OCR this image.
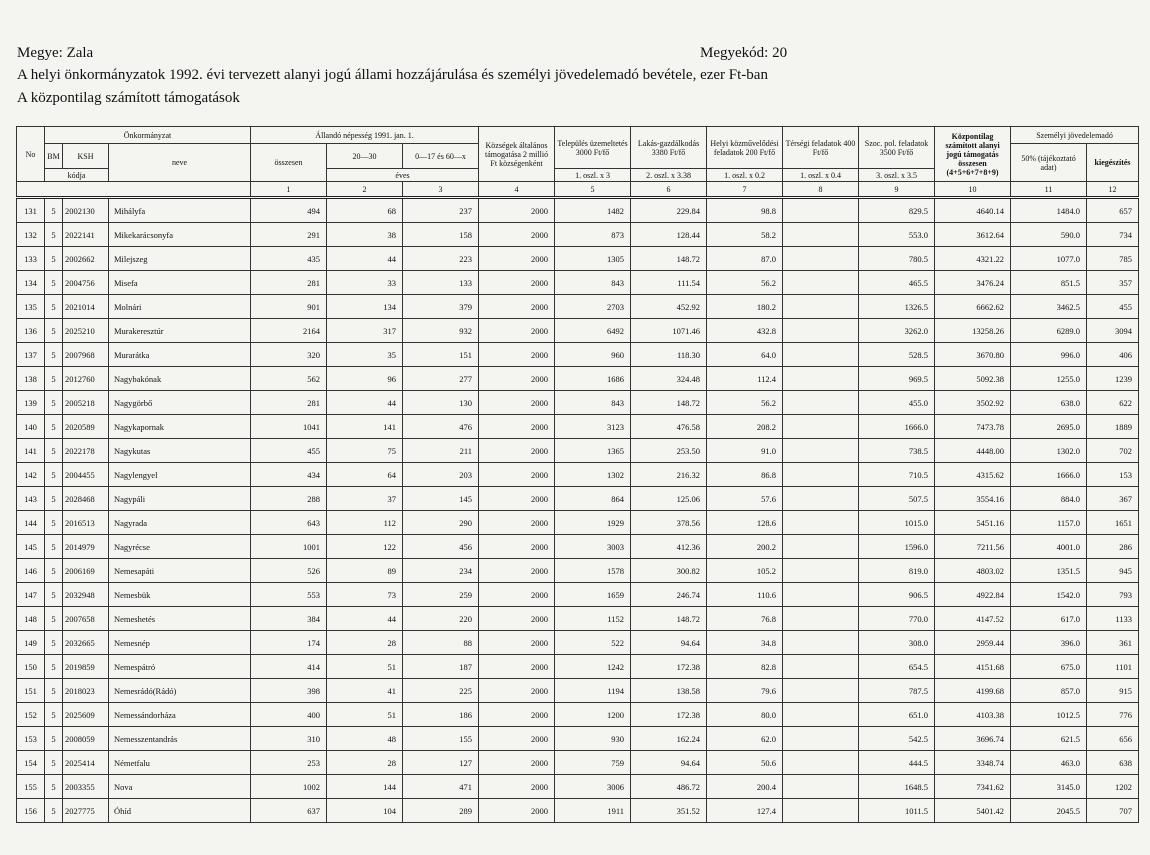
Megye: Zala	Megyekód: 20
A helyi önkormányzatok 1992. évi tervezett alanyi jogú állami hozzájárulása és személyi jövedelemadó bevétele, ezer Ft-ban
A központilag számított támogatások
No	Önkormányzat			Állandó népesség 1991. jan. 1.			Községek általános támogatása 2 millió Ft községenként	Település üzemeltetés 3000 Ft/fő	Lakás-gazdálkodás 3380 Ft/fő	Helyi közművelődési feladatok 200 Ft/fő	Térségi feladatok 400 Ft/fő	Szoc. pol. feladatok 3500 Ft/fő	Központilag számított alanyi jogú támogatás összesen (4+5+6+7+8+9)	Személyi jövedelemadó	
	BM	KSH	neve	összesen	20—30	0—17 és 60—x								50% (tájékoztató adat)	kiegészítés
	kódja				éves			1. oszl. x 3	2. oszl. x 3.38	1. oszl. x 0.2	1. oszl. x 0.4	3. oszl. x 3.5			
				1	2	3	4	5	6	7	8	9	10	11	12
131	5	2002130	Mihályfa	494	68	237	2000	1482	229.84	98.8		829.5	4640.14	1484.0	657
132	5	2022141	Mikekarácsonyfa	291	38	158	2000	873	128.44	58.2		553.0	3612.64	590.0	734
133	5	2002662	Milejszeg	435	44	223	2000	1305	148.72	87.0		780.5	4321.22	1077.0	785
134	5	2004756	Misefa	281	33	133	2000	843	111.54	56.2		465.5	3476.24	851.5	357
135	5	2021014	Molnári	901	134	379	2000	2703	452.92	180.2		1326.5	6662.62	3462.5	455
136	5	2025210	Murakeresztúr	2164	317	932	2000	6492	1071.46	432.8		3262.0	13258.26	6289.0	3094
137	5	2007968	Murarátka	320	35	151	2000	960	118.30	64.0		528.5	3670.80	996.0	406
138	5	2012760	Nagybakónak	562	96	277	2000	1686	324.48	112.4		969.5	5092.38	1255.0	1239
139	5	2005218	Nagygörbő	281	44	130	2000	843	148.72	56.2		455.0	3502.92	638.0	622
140	5	2020589	Nagykapornak	1041	141	476	2000	3123	476.58	208.2		1666.0	7473.78	2695.0	1889
141	5	2022178	Nagykutas	455	75	211	2000	1365	253.50	91.0		738.5	4448.00	1302.0	702
142	5	2004455	Nagylengyel	434	64	203	2000	1302	216.32	86.8		710.5	4315.62	1666.0	153
143	5	2028468	Nagypáli	288	37	145	2000	864	125.06	57.6		507.5	3554.16	884.0	367
144	5	2016513	Nagyrada	643	112	290	2000	1929	378.56	128.6		1015.0	5451.16	1157.0	1651
145	5	2014979	Nagyrécse	1001	122	456	2000	3003	412.36	200.2		1596.0	7211.56	4001.0	286
146	5	2006169	Nemesapáti	526	89	234	2000	1578	300.82	105.2		819.0	4803.02	1351.5	945
147	5	2032948	Nemesbük	553	73	259	2000	1659	246.74	110.6		906.5	4922.84	1542.0	793
148	5	2007658	Nemeshetés	384	44	220	2000	1152	148.72	76.8		770.0	4147.52	617.0	1133
149	5	2032665	Nemesnép	174	28	88	2000	522	94.64	34.8		308.0	2959.44	396.0	361
150	5	2019859	Nemespátró	414	51	187	2000	1242	172.38	82.8		654.5	4151.68	675.0	1101
151	5	2018023	Nemesrádó(Rádó)	398	41	225	2000	1194	138.58	79.6		787.5	4199.68	857.0	915
152	5	2025609	Nemessándorháza	400	51	186	2000	1200	172.38	80.0		651.0	4103.38	1012.5	776
153	5	2008059	Nemesszentandrás	310	48	155	2000	930	162.24	62.0		542.5	3696.74	621.5	656
154	5	2025414	Németfalu	253	28	127	2000	759	94.64	50.6		444.5	3348.74	463.0	638
155	5	2003355	Nova	1002	144	471	2000	3006	486.72	200.4		1648.5	7341.62	3145.0	1202
156	5	2027775	Óhíd	637	104	289	2000	1911	351.52	127.4		1011.5	5401.42	2045.5	707
